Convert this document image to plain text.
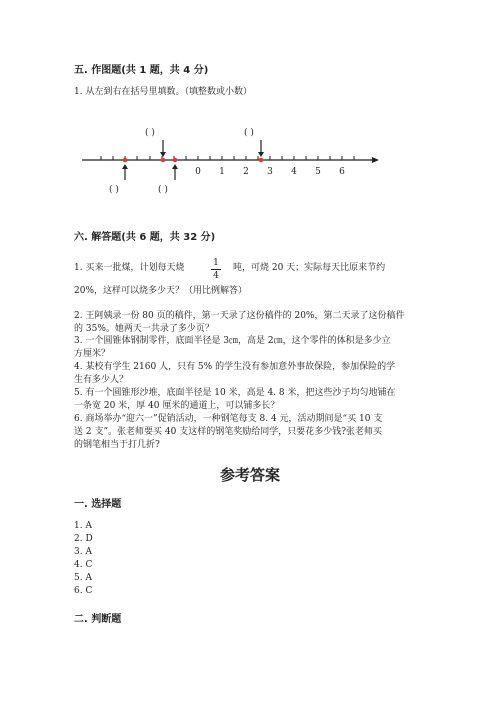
五. 作图题(共 1 题，共 4 分)
1. 从左到右在括号里填数。（填整数或小数）
( )	( )
0 1 2 3 4 5 6
( )	( )
六. 解答题(共 6 题，共 32 分)
1. 买来一批煤，计划每天烧	1
4
吨，可烧 20 天；实际每天比原来节约
20%，这样可以烧多少天？（用比例解答）
2. 王阿姨录一份 80 页的稿件，第一天录了这份稿件的 20%，第二天录了这份稿件
的 35%。她两天一共录了多少页？
3. 一个圆锥体钢制零件，底面半径是 3㎝，高是 2㎝，这个零件的体积是多少立
方厘米？
4. 某校有学生 2160 人，只有 5% 的学生没有参加意外事故保险，参加保险的学
生有多少人？
5. 有一个圆锥形沙堆，底面半径是 10 米，高是 4. 8 米，把这些沙子均匀地铺在
一条宽 20 米，厚 40 厘米的通道上，可以铺多长？
6. 商场举办“迎六一”促销活动，一种钢笔每支 8. 4 元，活动期间是“买 10 支
送 2 支”。张老师要买 40 支这样的钢笔奖励给同学，只要花多少钱?张老师买
的钢笔相当于打几折?
参考答案
一. 选择题
1. A
2. D
3. A
4. C
5. A
6. C
二. 判断题
